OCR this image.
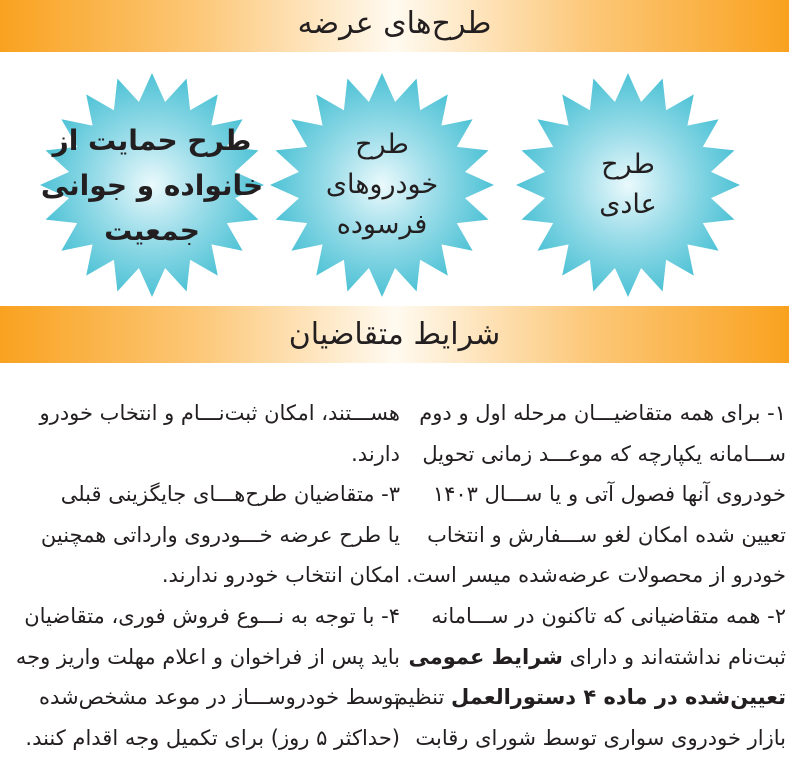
طرح‌های عرضه
طرح حمایت از
خانواده و جوانی
جمعیت
طرح
خودروهای
فرسوده
طرح
عادی
شرایط متقاضیان
۱- برای همه متقاضیـــان مرحله اول و دوم
ســـامانه یکپارچه که موعـــد زمانی تحویل
خودروی آنها فصول آتی و یا ســـال ۱۴۰۳
تعیین شده امکان لغو ســـفارش و انتخاب
خودرو از محصولات عرضه‌شده میسر است.
۲- همه متقاضیانی که تاکنون در ســـامانه
ثبت‌نام نداشته‌اند و دارای شرایط عمومی
تعیین‌شده در ماده ۴ دستورالعمل تنظیم
بازار خودروی سواری توسط شورای رقابت
هســـتند، امکان ثبت‌نـــام و انتخاب خودرو
دارند.
۳- متقاضیان طرح‌هـــای جایگزینی قبلی
یا طرح عرضه خـــودروی وارداتی همچنین
امکان انتخاب خودرو ندارند.
۴- با توجه به نـــوع فروش فوری، متقاضیان
باید پس از فراخوان و اعلام مهلت واریز وجه
توسط خودروســـاز در موعد مشخص‌شده
(حداکثر ۵ روز) برای تکمیل وجه اقدام کنند.
